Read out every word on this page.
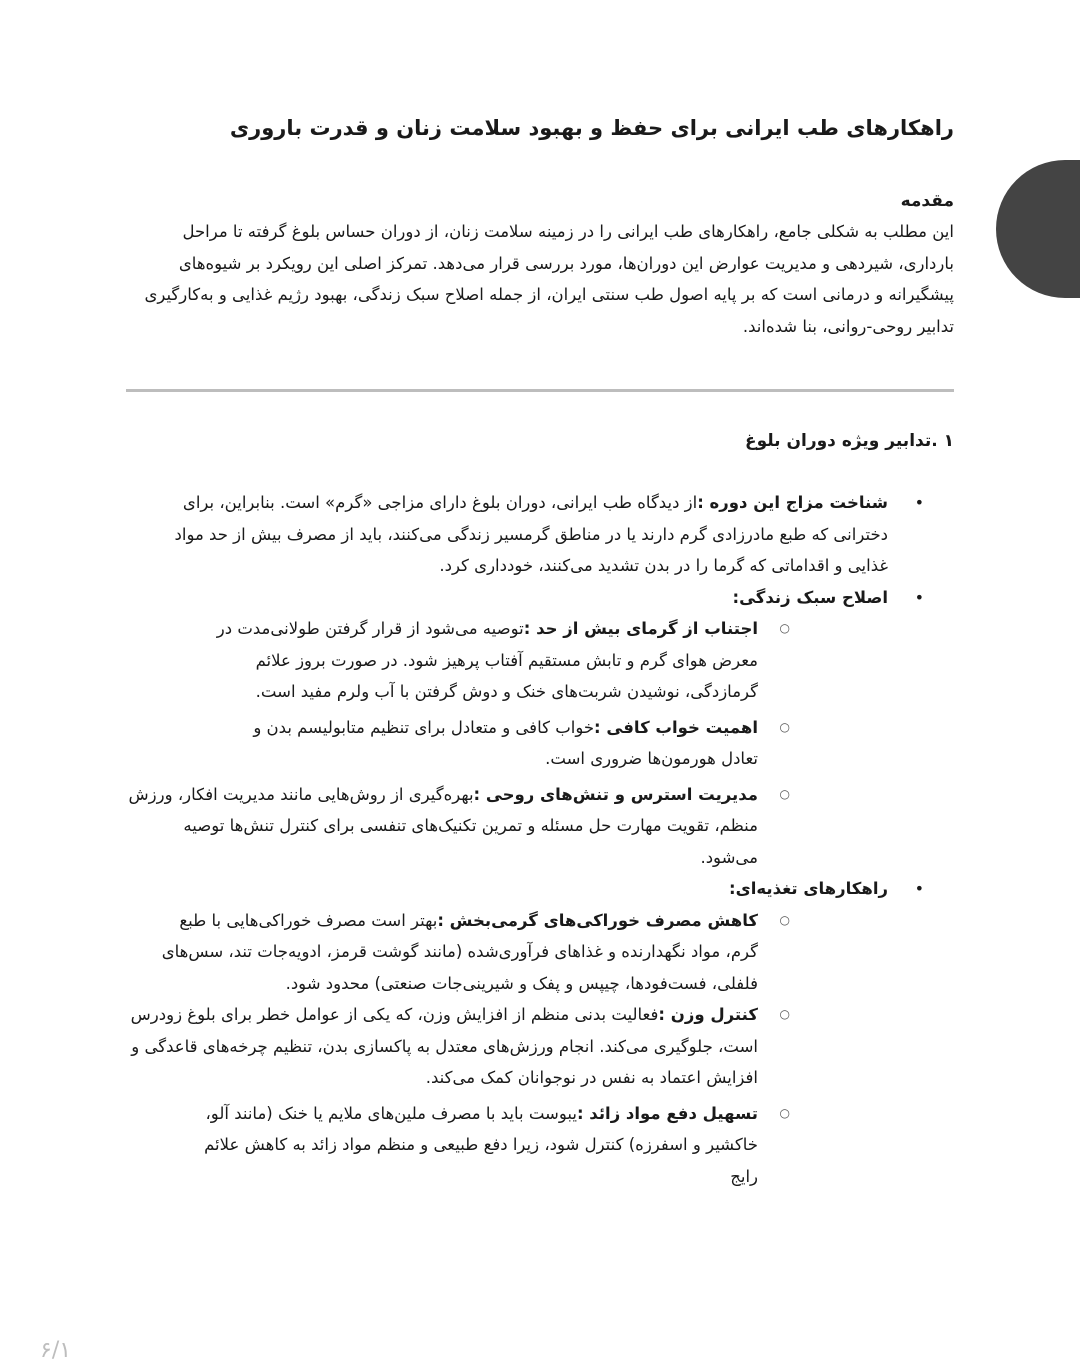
راهکارهای طب ایرانی برای حفظ و بهبود سلامت زنان و قدرت باروری
مقدمه

این مطلب به شکلی جامع، راهکارهای طب ایرانی را در زمینه سلامت زنان، از دوران حساس بلوغ گرفته تا مراحل بارداری، شیردهی و مدیریت عوارض این دوران‌ها، مورد بررسی قرار می‌دهد. تمرکز اصلی این رویکرد بر شیوه‌های پیشگیرانه و درمانی است که بر پایه اصول طب سنتی ایران، از جمله اصلاح سبک زندگی، بهبود رژیم غذایی و به‌کارگیری تدابیر روحی-روانی، بنا شده‌اند.

۱ .تدابیر ویژه دوران بلوغ
• شناخت مزاج این دوره :از دیدگاه طب ایرانی، دوران بلوغ دارای مزاجی «گرم» است. بنابراین، برای دخترانی که طبع مادرزادی گرم دارند یا در مناطق گرمسیر زندگی می‌کنند، باید از مصرف بیش از حد مواد غذایی و اقداماتی که گرما را در بدن تشدید می‌کنند، خودداری کرد.
• اصلاح سبک زندگی:
○ اجتناب از گرمای بیش از حد :توصیه می‌شود از قرار گرفتن طولانی‌مدت در معرض هوای گرم و تابش مستقیم آفتاب پرهیز شود. در صورت بروز علائم گرمازدگی، نوشیدن شربت‌های خنک و دوش گرفتن با آب ولرم مفید است.
○ اهمیت خواب کافی :خواب کافی و متعادل برای تنظیم متابولیسم بدن و تعادل هورمون‌ها ضروری است.
○ مدیریت استرس و تنش‌های روحی :بهره‌گیری از روش‌هایی مانند مدیریت افکار، ورزش منظم، تقویت مهارت حل مسئله و تمرین تکنیک‌های تنفسی برای کنترل تنش‌ها توصیه می‌شود.
• راهکارهای تغذیه‌ای:
○ کاهش مصرف خوراکی‌های گرمی‌بخش :بهتر است مصرف خوراکی‌هایی با طبع گرم، مواد نگهدارنده و غذاهای فرآوری‌شده (مانند گوشت قرمز، ادویه‌جات تند، سس‌های فلفلی، فست‌فودها، چیپس و پفک و شیرینی‌جات صنعتی) محدود شود.
○ کنترل وزن :فعالیت بدنی منظم از افزایش وزن، که یکی از عوامل خطر برای بلوغ زودرس است، جلوگیری می‌کند. انجام ورزش‌های معتدل به پاکسازی بدن، تنظیم چرخه‌های قاعدگی و افزایش اعتماد به نفس در نوجوانان کمک می‌کند.
○ تسهیل دفع مواد زائد :یبوست باید با مصرف ملین‌های ملایم یا خنک (مانند آلو، خاکشیر و اسفرزه) کنترل شود، زیرا دفع طبیعی و منظم مواد زائد به کاهش علائم رایج
۶/۱
